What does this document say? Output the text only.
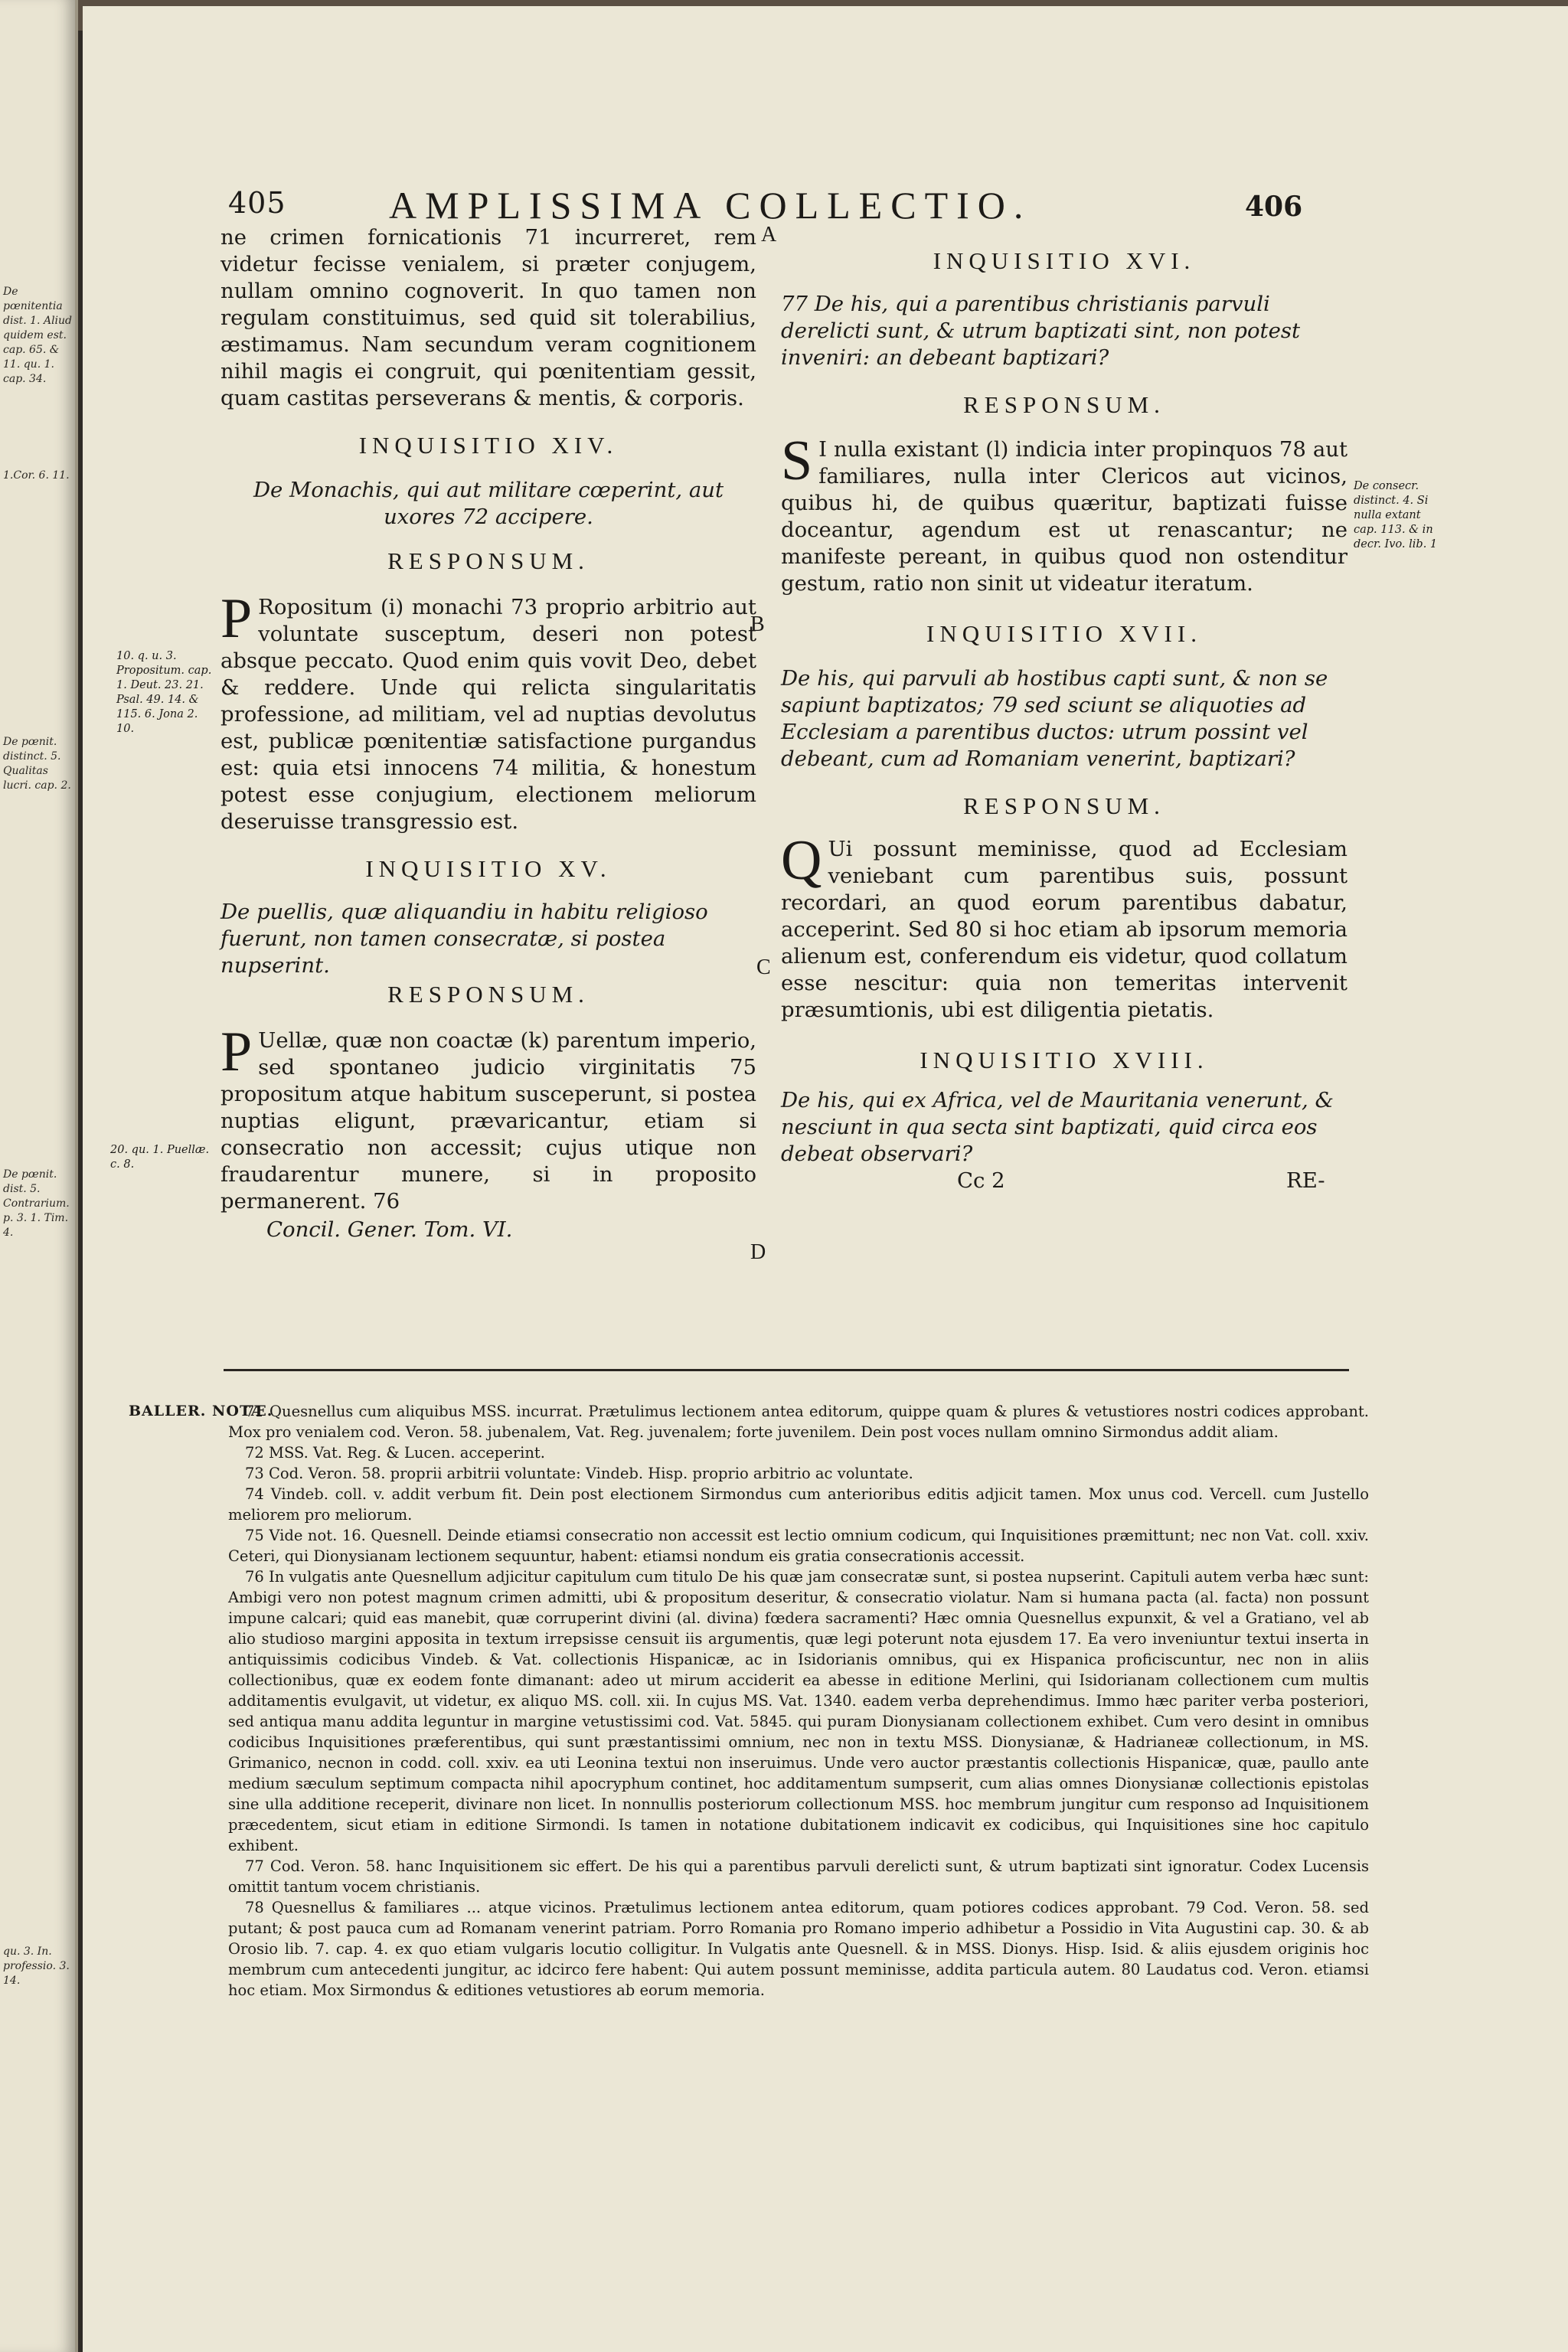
De pœnitentia dist. 1. Aliud quidem est. cap. 65. & 11. qu. 1. cap. 34.
1.Cor. 6. 11.
De pœnit. distinct. 5. Qualitas lucri. cap. 2.
De pœnit. dist. 5. Contrarium. p. 3. 1. Tim. 4.
qu. 3. In. professio. 3. 14.
405	AMPLISSIMA COLLECTIO.	406

ne crimen fornicationis 71 incurreret, rem videtur fecisse venialem, si præter conjugem, nullam omnino cognoverit. In quo tamen non regulam constituimus, sed quid sit tolerabilius, æstimamus. Nam secundum veram cognitionem nihil magis ei congruit, qui pœnitentiam gessit, quam castitas perseverans & mentis, & corporis.

INQUISITIO XIV.

De Monachis, qui aut militare cœperint, aut uxores 72 accipere.

RESPONSUM.

P Ropositum (i) monachi 73 proprio arbitrio aut voluntate susceptum, deseri non potest absque peccato. Quod enim quis vovit Deo, debet & reddere. Unde qui relicta singularitatis professione, ad militiam, vel ad nuptias devolutus est, publicæ pœnitentiæ satisfactione purgandus est: quia etsi innocens 74 militia, & honestum potest esse conjugium, electionem meliorum deseruisse transgressio est.

INQUISITIO XV.

De puellis, quæ aliquandiu in habitu religioso fuerunt, non tamen consecratæ, si postea nupserint.

RESPONSUM.

P Uellæ, quæ non coactæ (k) parentum imperio, sed spontaneo judicio virginitatis 75 propositum atque habitum susceperunt, si postea nuptias eligunt, prævaricantur, etiam si consecratio non accessit; cujus utique non fraudarentur munere, si in proposito permanerent. 76

Concil. Gener. Tom. VI.

INQUISITIO XVI.

77 De his, qui a parentibus christianis parvuli derelicti sunt, & utrum baptizati sint, non potest inveniri: an debeant baptizari?

RESPONSUM.

S I nulla existant (l) indicia inter propinquos 78 aut familiares, nulla inter Clericos aut vicinos, quibus hi, de quibus quæritur, baptizati fuisse doceantur, agendum est ut renascantur; ne manifeste pereant, in quibus quod non ostenditur gestum, ratio non sinit ut videatur iteratum.

INQUISITIO XVII.

De his, qui parvuli ab hostibus capti sunt, & non se sapiunt baptizatos; 79 sed sciunt se aliquoties ad Ecclesiam a parentibus ductos: utrum possint vel debeant, cum ad Romaniam venerint, baptizari?

RESPONSUM.

Q Ui possunt meminisse, quod ad Ecclesiam veniebant cum parentibus suis, possunt recordari, an quod eorum parentibus dabatur, acceperint. Sed 80 si hoc etiam ab ipsorum memoria alienum est, conferendum eis videtur, quod collatum esse nescitur: quia non temeritas intervenit præsumtionis, ubi est diligentia pietatis.

INQUISITIO XVIII.

De his, qui ex Africa, vel de Mauritania venerunt, & nesciunt in qua secta sint baptizati, quid circa eos debeat observari?

Cc 2	RE-
A
B
C
D
10. q. u. 3. Propositum. cap. 1. Deut. 23. 21. Psal. 49. 14. & 115. 6. Jona 2. 10.
20. qu. 1. Puellæ. c. 8.
De consecr. distinct. 4. Si nulla extant cap. 113. & in decr. Ivo. lib. 1
BALLER. NOTÆ.

71 Quesnellus cum aliquibus MSS. incurrat. Prætulimus lectionem antea editorum, quippe quam & plures & vetustiores nostri codices approbant. Mox pro venialem cod. Veron. 58. jubenalem, Vat. Reg. juvenalem; forte juvenilem. Dein post voces nullam omnino Sirmondus addit aliam.

72 MSS. Vat. Reg. & Lucen. acceperint.

73 Cod. Veron. 58. proprii arbitrii voluntate: Vindeb. Hisp. proprio arbitrio ac voluntate.

74 Vindeb. coll. v. addit verbum fit. Dein post electionem Sirmondus cum anterioribus editis adjicit tamen. Mox unus cod. Vercell. cum Justello meliorem pro meliorum.

75 Vide not. 16. Quesnell. Deinde etiamsi consecratio non accessit est lectio omnium codicum, qui Inquisitiones præmittunt; nec non Vat. coll. xxiv. Ceteri, qui Dionysianam lectionem sequuntur, habent: etiamsi nondum eis gratia consecrationis accessit.

76 In vulgatis ante Quesnellum adjicitur capitulum cum titulo De his quæ jam consecratæ sunt, si postea nupserint. Capituli autem verba hæc sunt: Ambigi vero non potest magnum crimen admitti, ubi & propositum deseritur, & consecratio violatur. Nam si humana pacta (al. facta) non possunt impune calcari; quid eas manebit, quæ corruperint divini (al. divina) fœdera sacramenti? Hæc omnia Quesnellus expunxit, & vel a Gratiano, vel ab alio studioso margini apposita in textum irrepsisse censuit iis argumentis, quæ legi poterunt nota ejusdem 17. Ea vero inveniuntur textui inserta in antiquissimis codicibus Vindeb. & Vat. collectionis Hispanicæ, ac in Isidorianis omnibus, qui ex Hispanica proficiscuntur, nec non in aliis collectionibus, quæ ex eodem fonte dimanant: adeo ut mirum acciderit ea abesse in editione Merlini, qui Isidorianam collectionem cum multis additamentis evulgavit, ut videtur, ex aliquo MS. coll. xii. In cujus MS. Vat. 1340. eadem verba deprehendimus. Immo hæc pariter verba posteriori, sed antiqua manu addita leguntur in margine vetustissimi cod. Vat. 5845. qui puram Dionysianam collectionem exhibet. Cum vero desint in omnibus codicibus Inquisitiones præferentibus, qui sunt præstantissimi omnium, nec non in textu MSS. Dionysianæ, & Hadrianeæ collectionum, in MS. Grimanico, necnon in codd. coll. xxiv. ea uti Leonina textui non inseruimus. Unde vero auctor præstantis collectionis Hispanicæ, quæ, paullo ante medium sæculum septimum compacta nihil apocryphum continet, hoc additamentum sumpserit, cum alias omnes Dionysianæ collectionis epistolas sine ulla additione receperit, divinare non licet. In nonnullis posteriorum collectionum MSS. hoc membrum jungitur cum responso ad Inquisitionem præcedentem, sicut etiam in editione Sirmondi. Is tamen in notatione dubitationem indicavit ex codicibus, qui Inquisitiones sine hoc capitulo exhibent.

77 Cod. Veron. 58. hanc Inquisitionem sic effert. De his qui a parentibus parvuli derelicti sunt, & utrum baptizati sint ignoratur. Codex Lucensis omittit tantum vocem christianis.

78 Quesnellus & familiares ... atque vicinos. Prætulimus lectionem antea editorum, quam potiores codices approbant. 79 Cod. Veron. 58. sed putant; & post pauca cum ad Romanam venerint patriam. Porro Romania pro Romano imperio adhibetur a Possidio in Vita Augustini cap. 30. & ab Orosio lib. 7. cap. 4. ex quo etiam vulgaris locutio colligitur. In Vulgatis ante Quesnell. & in MSS. Dionys. Hisp. Isid. & aliis ejusdem originis hoc membrum cum antecedenti jungitur, ac idcirco fere habent: Qui autem possunt meminisse, addita particula autem. 80 Laudatus cod. Veron. etiamsi hoc etiam. Mox Sirmondus & editiones vetustiores ab eorum memoria.
